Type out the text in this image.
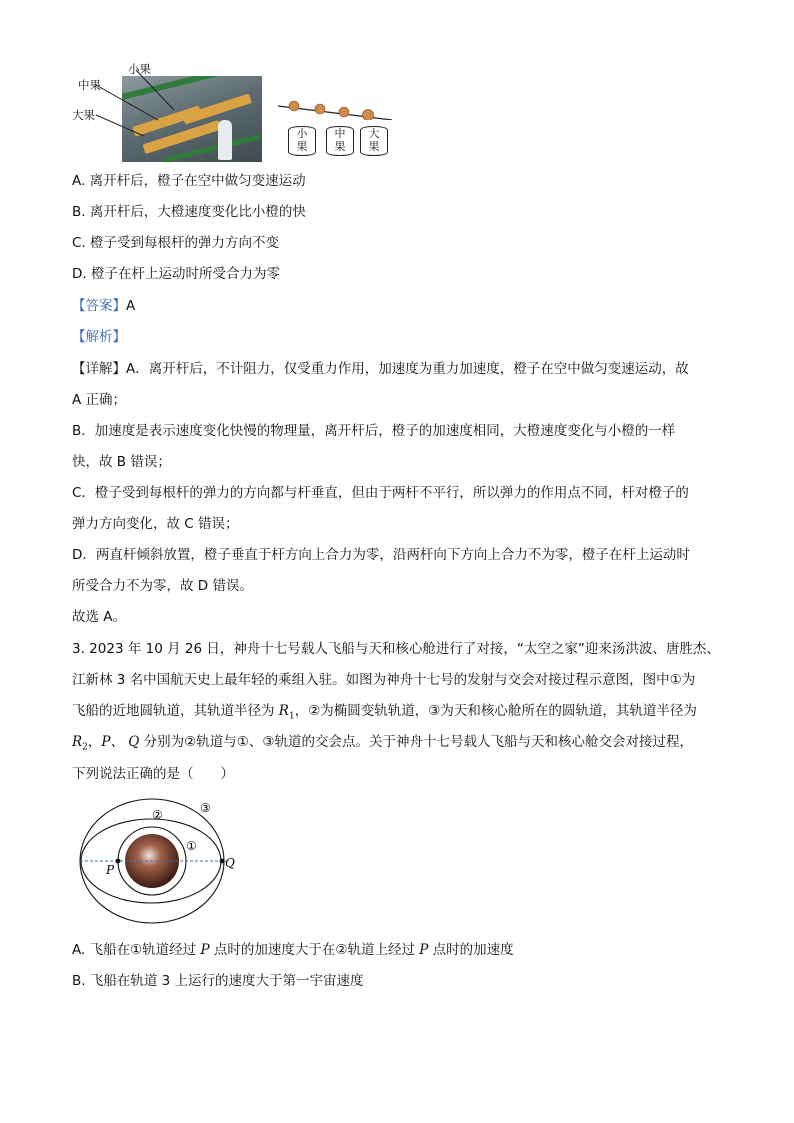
小果
中果
大果
小
果
中
果
大
果
A. 离开杆后，橙子在空中做匀变速运动
B. 离开杆后，大橙速度变化比小橙的快
C. 橙子受到每根杆的弹力方向不变
D. 橙子在杆上运动时所受合力为零
【答案】A
【解析】
【详解】A．离开杆后，不计阻力，仅受重力作用，加速度为重力加速度，橙子在空中做匀变速运动，故
A 正确；
B．加速度是表示速度变化快慢的物理量，离开杆后，橙子的加速度相同，大橙速度变化与小橙的一样
快，故 B 错误；
C．橙子受到每根杆的弹力的方向都与杆垂直，但由于两杆不平行，所以弹力的作用点不同，杆对橙子的
弹力方向变化，故 C 错误；
D．两直杆倾斜放置，橙子垂直于杆方向上合力为零，沿两杆向下方向上合力不为零，橙子在杆上运动时
所受合力不为零，故 D 错误。
故选 A。
3. 2023 年 10 月 26 日，神舟十七号载人飞船与天和核心舱进行了对接，“太空之家”迎来汤洪波、唐胜杰、
江新林 3 名中国航天史上最年轻的乘组入驻。如图为神舟十七号的发射与交会对接过程示意图，图中①为
飞船的近地圆轨道，其轨道半径为 $R_1$，②为椭圆变轨轨道，③为天和核心舱所在的圆轨道，其轨道半径为
$R_2$，P、 Q 分别为②轨道与①、③轨道的交会点。关于神舟十七号载人飞船与天和核心舱交会对接过程，
下列说法正确的是（　　）
②	③
①
P	Q
A. 飞船在①轨道经过 P 点时的加速度大于在②轨道上经过 P 点时的加速度
B. 飞船在轨道 3 上运行的速度大于第一宇宙速度
